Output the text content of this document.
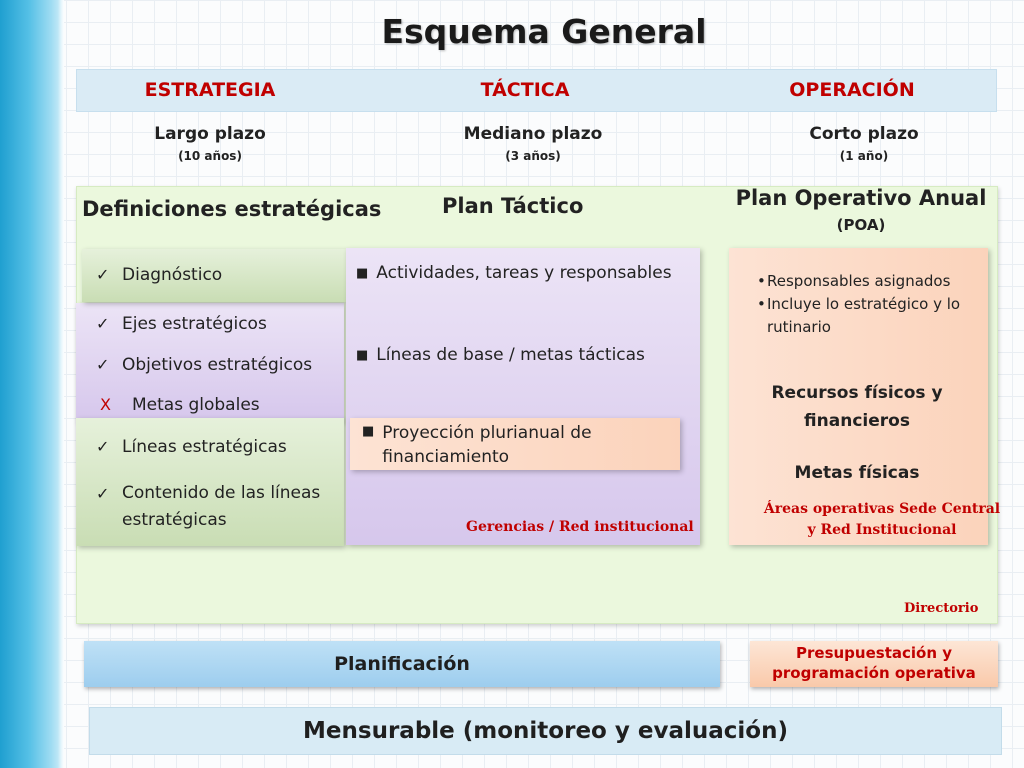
Esquema General
ESTRATEGIA	TÁCTICA	OPERACIÓN
Largo plazo
(10 años)
Mediano plazo
(3 años)
Corto plazo
(1 año)
Definiciones estratégicas	Plan Táctico	Plan Operativo Anual
(POA)
✓ Diagnóstico
✓ Ejes estratégicos
✓ Objetivos estratégicos
X	Metas globales
✓ Líneas estratégicas
✓ Contenido de las líneas estratégicas
■ Actividades, tareas y responsables
■ Líneas de base / metas tácticas
■ Proyección plurianual de financiamiento
Gerencias / Red institucional
• Responsables asignados
• Incluye lo estratégico y lo rutinario
Recursos físicos y financieros
Metas físicas
Áreas operativas Sede Central y Red Institucional
Directorio
Planificación	Presupuestación y programación operativa
Mensurable (monitoreo y evaluación)
